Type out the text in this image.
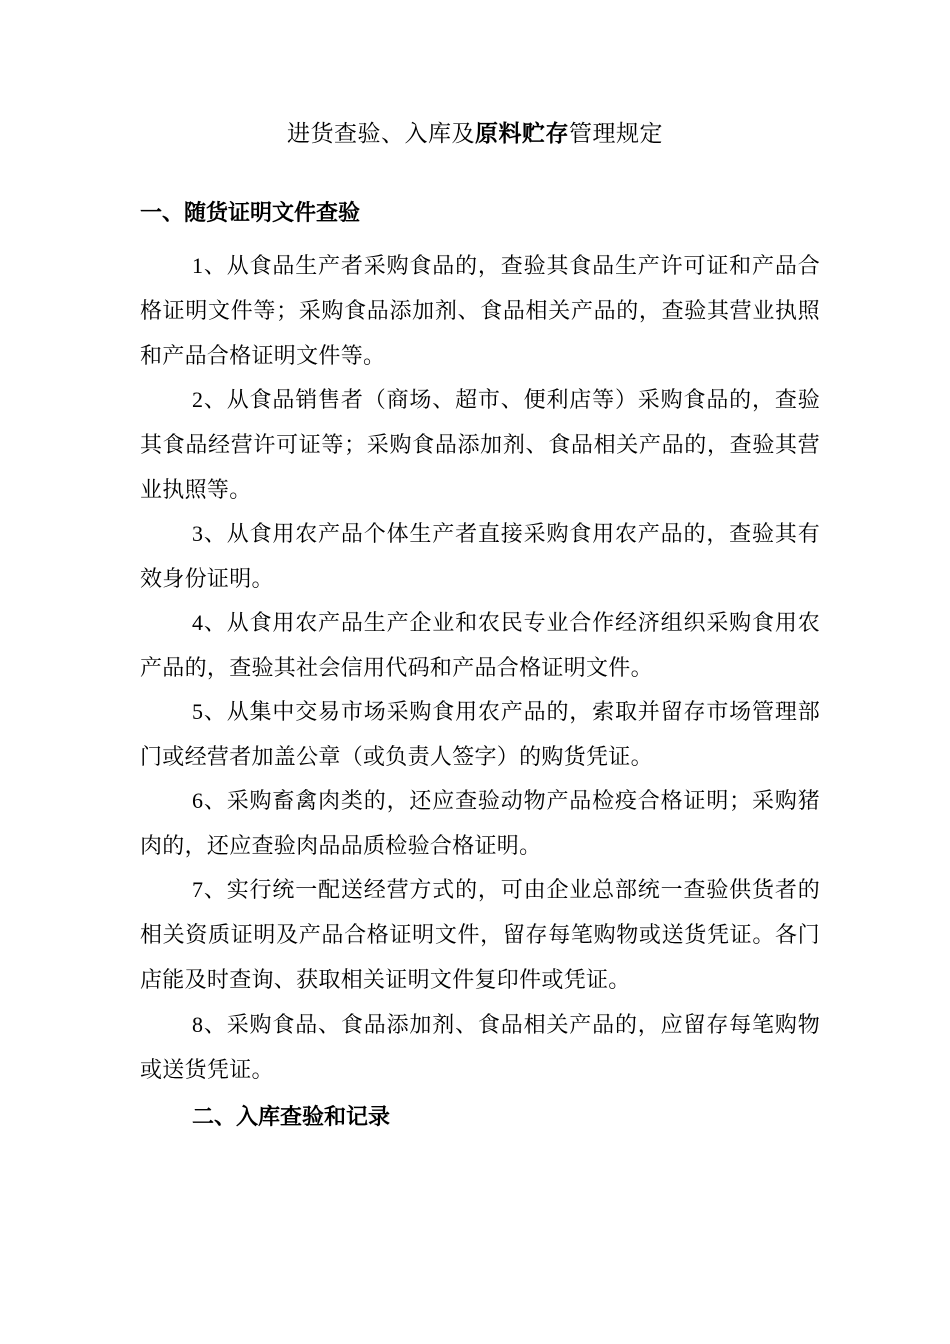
进货查验、入库及原料贮存管理规定
一、随货证明文件查验
1、从食品生产者采购食品的，查验其食品生产许可证和产品合格证明文件等；采购食品添加剂、食品相关产品的，查验其营业执照和产品合格证明文件等。
2、从食品销售者（商场、超市、便利店等）采购食品的，查验其食品经营许可证等；采购食品添加剂、食品相关产品的，查验其营业执照等。
3、从食用农产品个体生产者直接采购食用农产品的，查验其有效身份证明。
4、从食用农产品生产企业和农民专业合作经济组织采购食用农产品的，查验其社会信用代码和产品合格证明文件。
5、从集中交易市场采购食用农产品的，索取并留存市场管理部门或经营者加盖公章（或负责人签字）的购货凭证。
6、采购畜禽肉类的，还应查验动物产品检疫合格证明；采购猪肉的，还应查验肉品品质检验合格证明。
7、实行统一配送经营方式的，可由企业总部统一查验供货者的相关资质证明及产品合格证明文件，留存每笔购物或送货凭证。各门店能及时查询、获取相关证明文件复印件或凭证。
8、采购食品、食品添加剂、食品相关产品的，应留存每笔购物或送货凭证。
二、入库查验和记录
